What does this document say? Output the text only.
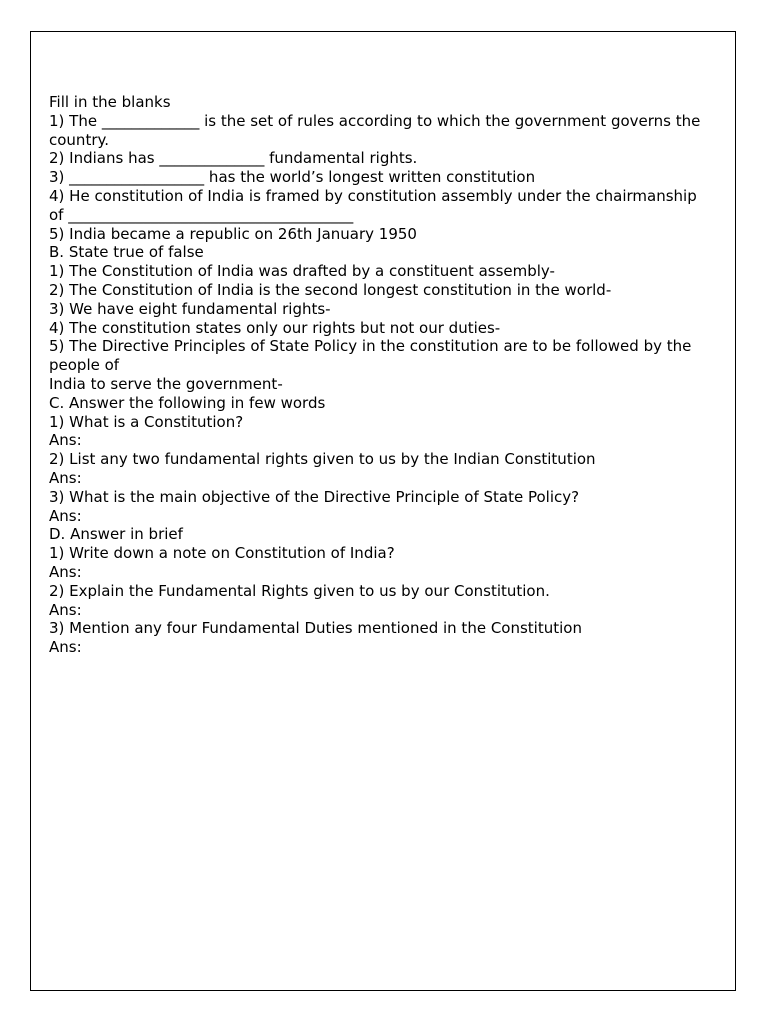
Fill in the blanks

1) The _____________ is the set of rules according to which the government governs the country.

2) Indians has ______________ fundamental rights.

3) __________________ has the world’s longest written constitution

4) He constitution of India is framed by constitution assembly under the chairmanship of ______________________________________

5) India became a republic on 26th January 1950

B. State true of false

1) The Constitution of India was drafted by a constituent assembly-

2) The Constitution of India is the second longest constitution in the world-

3) We have eight fundamental rights-

4) The constitution states only our rights but not our duties-

5) The Directive Principles of State Policy in the constitution are to be followed by the people of

India to serve the government-

C. Answer the following in few words

1) What is a Constitution?

Ans:

2) List any two fundamental rights given to us by the Indian Constitution

Ans:

3) What is the main objective of the Directive Principle of State Policy?

Ans:

D. Answer in brief

1) Write down a note on Constitution of India?

Ans:

2) Explain the Fundamental Rights given to us by our Constitution.

Ans:

3) Mention any four Fundamental Duties mentioned in the Constitution

Ans:
